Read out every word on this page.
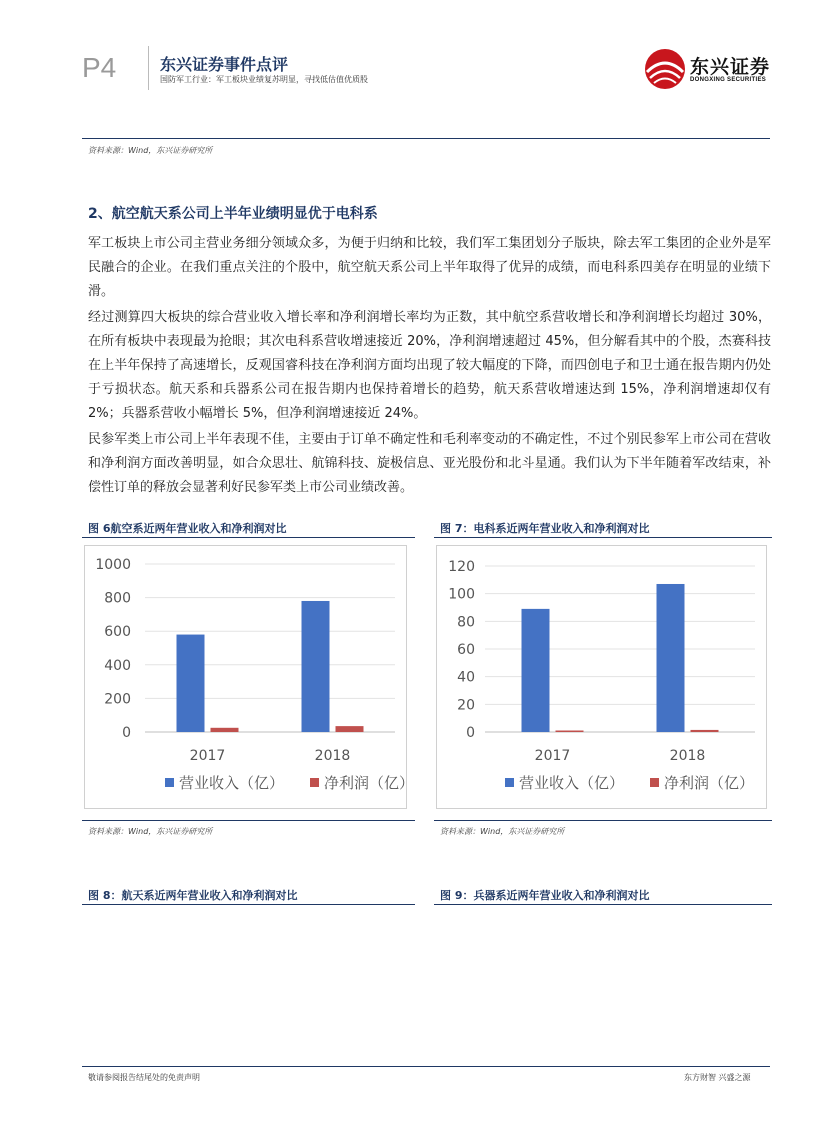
P4	东兴证券事件点评
国防军工行业：军工板块业绩复苏明显，寻找低估值优质股
东兴证券
DONGXING SECURITIES
资料来源：Wind，东兴证券研究所
2、航空航天系公司上半年业绩明显优于电科系
军工板块上市公司主营业务细分领域众多，为便于归纳和比较，我们军工集团划分子版块，除去军工集团的企业外是军民融合的企业。在我们重点关注的个股中，航空航天系公司上半年取得了优异的成绩，而电科系四美存在明显的业绩下滑。
经过测算四大板块的综合营业收入增长率和净利润增长率均为正数，其中航空系营收增长和净利润增长均超过 30%，在所有板块中表现最为抢眼；其次电科系营收增速接近 20%，净利润增速超过 45%，但分解看其中的个股，杰赛科技在上半年保持了高速增长，反观国睿科技在净利润方面均出现了较大幅度的下降，而四创电子和卫士通在报告期内仍处于亏损状态。航天系和兵器系公司在报告期内也保持着增长的趋势，航天系营收增速达到 15%，净利润增速却仅有 2%；兵器系营收小幅增长 5%，但净利润增速接近 24%。
民参军类上市公司上半年表现不佳，主要由于订单不确定性和毛利率变动的不确定性，不过个别民参军上市公司在营收和净利润方面改善明显，如合众思壮、航锦科技、旋极信息、亚光股份和北斗星通。我们认为下半年随着军改结束，补偿性订单的释放会显著利好民参军类上市公司业绩改善。
图 6航空系近两年营业收入和净利润对比
0
200
400
600
800
1000
2017	2018
营业收入（亿）	净利润（亿）
资料来源：Wind，东兴证券研究所
图 7：电科系近两年营业收入和净利润对比
0
20
40
60
80
100
120
2017	2018
营业收入（亿）	净利润（亿）
资料来源：Wind，东兴证券研究所
图 8：航天系近两年营业收入和净利润对比	图 9：兵器系近两年营业收入和净利润对比
敬请参阅报告结尾处的免责声明	东方财智 兴盛之源
